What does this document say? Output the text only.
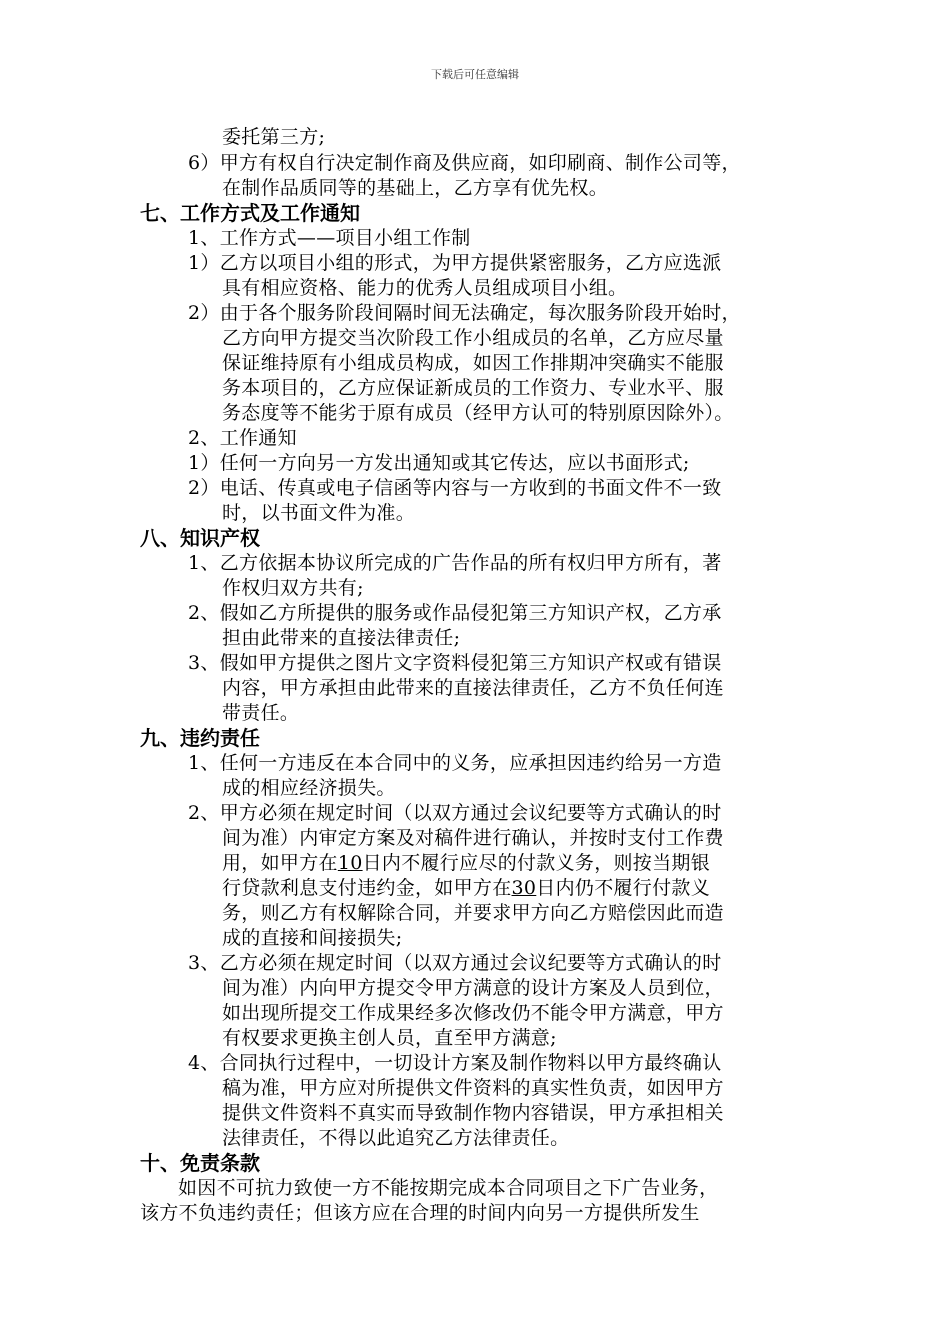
下载后可任意编辑
委托第三方;
6）甲方有权自行决定制作商及供应商，如印刷商、制作公司等，
在制作品质同等的基础上，乙方享有优先权。
七、工作方式及工作通知
1、工作方式——项目小组工作制
1）乙方以项目小组的形式，为甲方提供紧密服务，乙方应选派
具有相应资格、能力的优秀人员组成项目小组。
2）由于各个服务阶段间隔时间无法确定，每次服务阶段开始时，
乙方向甲方提交当次阶段工作小组成员的名单，乙方应尽量
保证维持原有小组成员构成，如因工作排期冲突确实不能服
务本项目的，乙方应保证新成员的工作资力、专业水平、服
务态度等不能劣于原有成员（经甲方认可的特别原因除外）。
2、工作通知
1）任何一方向另一方发出通知或其它传达，应以书面形式;
2）电话、传真或电子信函等内容与一方收到的书面文件不一致
时，以书面文件为准。
八、知识产权
1、乙方依据本协议所完成的广告作品的所有权归甲方所有，著
作权归双方共有;
2、假如乙方所提供的服务或作品侵犯第三方知识产权，乙方承
担由此带来的直接法律责任;
3、假如甲方提供之图片文字资料侵犯第三方知识产权或有错误
内容，甲方承担由此带来的直接法律责任，乙方不负任何连
带责任。
九、违约责任
1、任何一方违反在本合同中的义务，应承担因违约给另一方造
成的相应经济损失。
2、甲方必须在规定时间（以双方通过会议纪要等方式确认的时
间为准）内审定方案及对稿件进行确认，并按时支付工作费
用，如甲方在10日内不履行应尽的付款义务，则按当期银
行贷款利息支付违约金，如甲方在30日内仍不履行付款义
务，则乙方有权解除合同，并要求甲方向乙方赔偿因此而造
成的直接和间接损失;
3、乙方必须在规定时间（以双方通过会议纪要等方式确认的时
间为准）内向甲方提交令甲方满意的设计方案及人员到位，
如出现所提交工作成果经多次修改仍不能令甲方满意，甲方
有权要求更换主创人员，直至甲方满意;
4、合同执行过程中，一切设计方案及制作物料以甲方最终确认
稿为准，甲方应对所提供文件资料的真实性负责，如因甲方
提供文件资料不真实而导致制作物内容错误，甲方承担相关
法律责任，不得以此追究乙方法律责任。
十、免责条款
如因不可抗力致使一方不能按期完成本合同项目之下广告业务，
该方不负违约责任；但该方应在合理的时间内向另一方提供所发生
